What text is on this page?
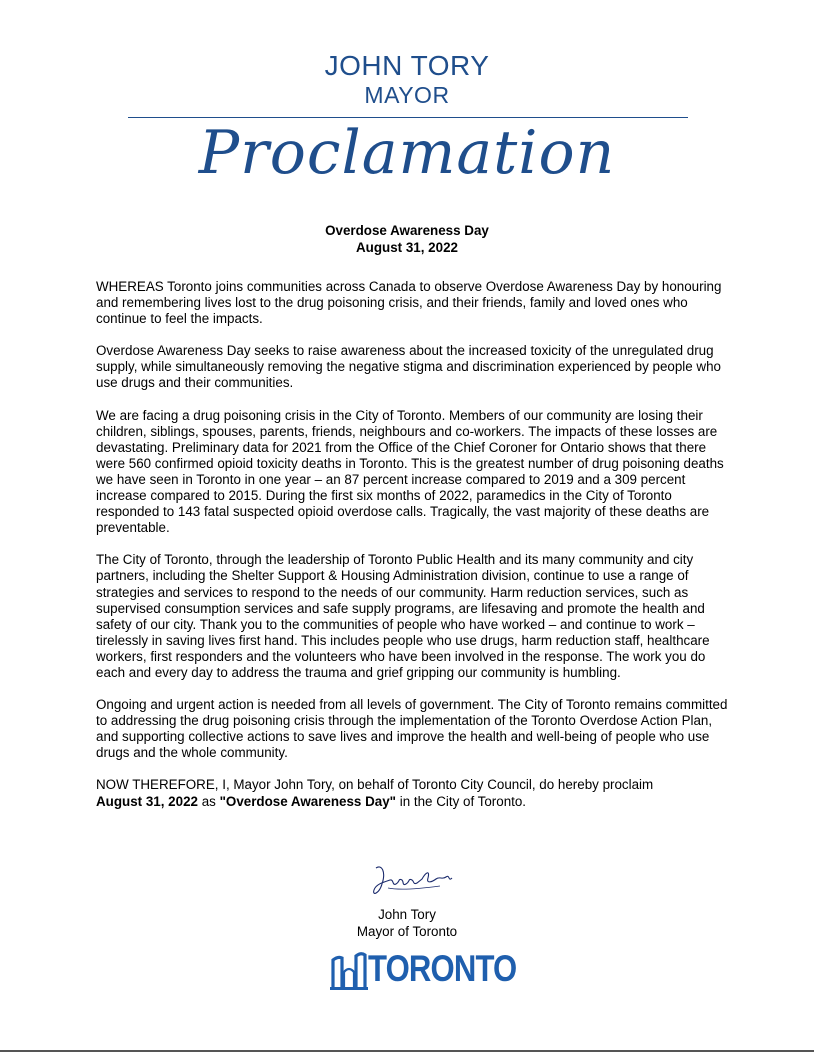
JOHN TORY
MAYOR
Proclamation
Overdose Awareness Day
August 31, 2022

WHEREAS Toronto joins communities across Canada to observe Overdose Awareness Day by honouring and remembering lives lost to the drug poisoning crisis, and their friends, family and loved ones who continue to feel the impacts.

Overdose Awareness Day seeks to raise awareness about the increased toxicity of the unregulated drug supply, while simultaneously removing the negative stigma and discrimination experienced by people who use drugs and their communities.

We are facing a drug poisoning crisis in the City of Toronto. Members of our community are losing their children, siblings, spouses, parents, friends, neighbours and co-workers. The impacts of these losses are devastating. Preliminary data for 2021 from the Office of the Chief Coroner for Ontario shows that there were 560 confirmed opioid toxicity deaths in Toronto. This is the greatest number of drug poisoning deaths we have seen in Toronto in one year – an 87 percent increase compared to 2019 and a 309 percent increase compared to 2015. During the first six months of 2022, paramedics in the City of Toronto responded to 143 fatal suspected opioid overdose calls. Tragically, the vast majority of these deaths are preventable.

The City of Toronto, through the leadership of Toronto Public Health and its many community and city partners, including the Shelter Support & Housing Administration division, continue to use a range of strategies and services to respond to the needs of our community. Harm reduction services, such as supervised consumption services and safe supply programs, are lifesaving and promote the health and safety of our city. Thank you to the communities of people who have worked – and continue to work – tirelessly in saving lives first hand. This includes people who use drugs, harm reduction staff, healthcare workers, first responders and the volunteers who have been involved in the response. The work you do each and every day to address the trauma and grief gripping our community is humbling.

Ongoing and urgent action is needed from all levels of government. The City of Toronto remains committed to addressing the drug poisoning crisis through the implementation of the Toronto Overdose Action Plan, and supporting collective actions to save lives and improve the health and well-being of people who use drugs and the whole community.

NOW THEREFORE, I, Mayor John Tory, on behalf of Toronto City Council, do hereby proclaim
August 31, 2022 as "Overdose Awareness Day" in the City of Toronto.

John Tory
Mayor of Toronto
TORONTO
